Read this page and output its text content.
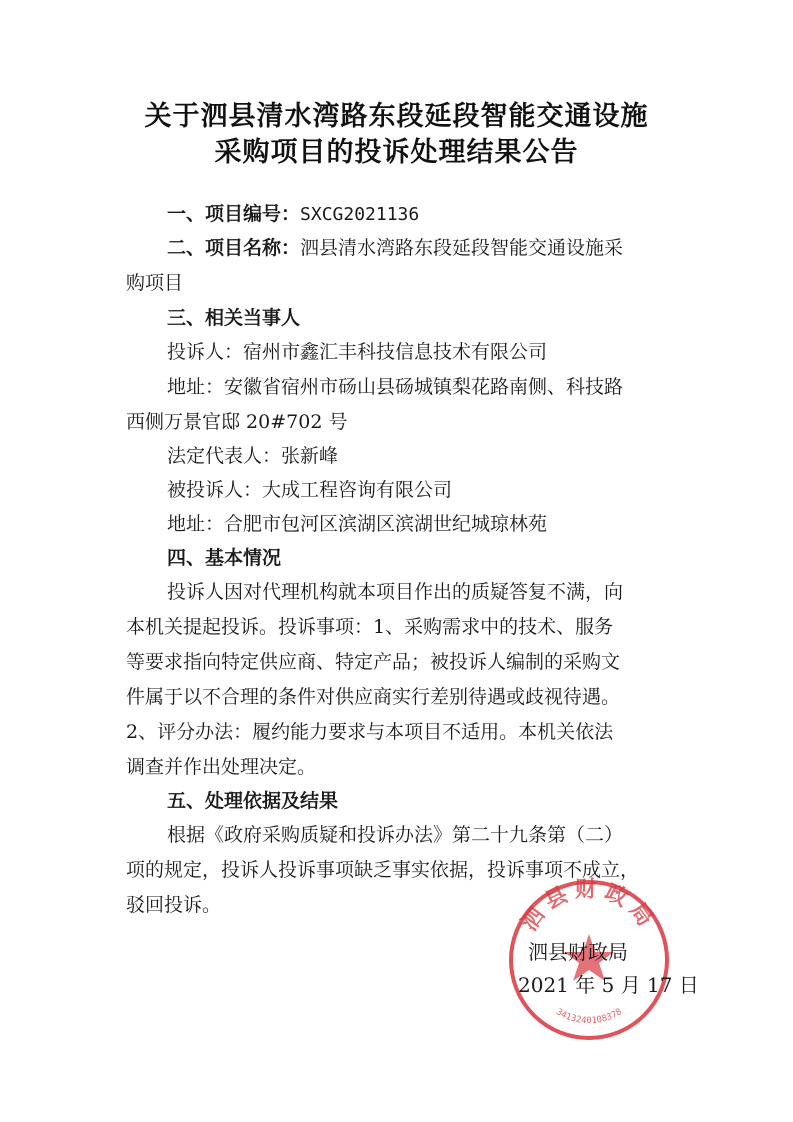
关于泗县清水湾路东段延段智能交通设施
采购项目的投诉处理结果公告
一、项目编号：SXCG2021136
二、项目名称：泗县清水湾路东段延段智能交通设施采
购项目
三、相关当事人
投诉人：宿州市鑫汇丰科技信息技术有限公司
地址：安徽省宿州市砀山县砀城镇梨花路南侧、科技路
西侧万景官邸 20#702 号
法定代表人：张新峰
被投诉人：大成工程咨询有限公司
地址：合肥市包河区滨湖区滨湖世纪城琼林苑
四、基本情况
投诉人因对代理机构就本项目作出的质疑答复不满，向
本机关提起投诉。投诉事项：1、采购需求中的技术、服务
等要求指向特定供应商、特定产品；被投诉人编制的采购文
件属于以不合理的条件对供应商实行差别待遇或歧视待遇。
2、评分办法：履约能力要求与本项目不适用。本机关依法
调查并作出处理决定。
五、处理依据及结果
根据《政府采购质疑和投诉办法》第二十九条第（二）
项的规定，投诉人投诉事项缺乏事实依据，投诉事项不成立，
驳回投诉。	泗县财政局
3413240108378
泗县财政局
2021 年 5 月 17 日
